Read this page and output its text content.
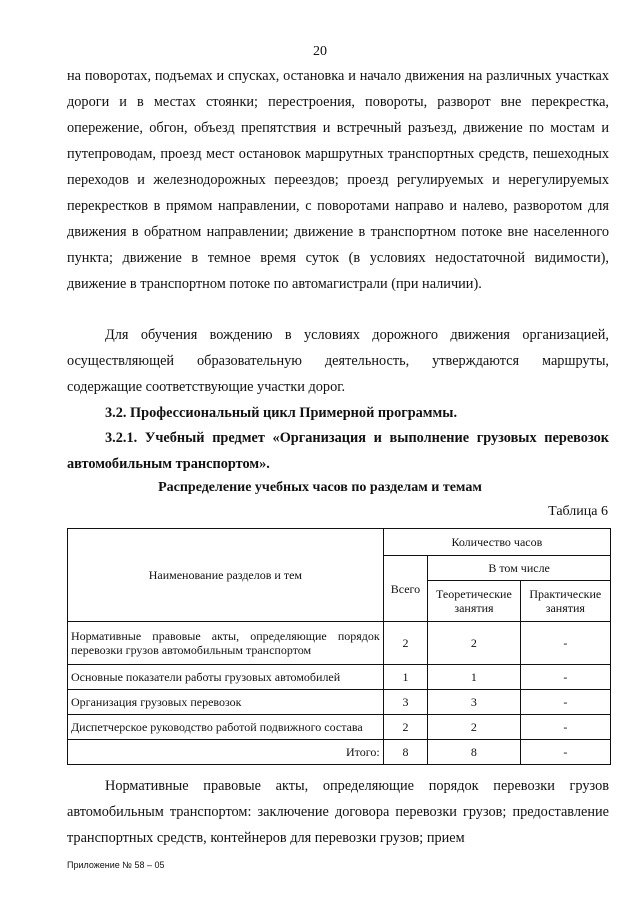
20

на поворотах, подъемах и спусках, остановка и начало движения на различных участках дороги и в местах стоянки; перестроения, повороты, разворот вне перекрестка, опережение, обгон, объезд препятствия и встречный разъезд, движение по мостам и путепроводам, проезд мест остановок маршрутных транспортных средств, пешеходных переходов и железнодорожных переездов; проезд регулируемых и нерегулируемых перекрестков в прямом направлении, с поворотами направо и налево, разворотом для движения в обратном направлении; движение в транспортном потоке вне населенного пункта; движение в темное время суток (в условиях недостаточной видимости), движение в транспортном потоке по автомагистрали (при наличии).

Для обучения вождению в условиях дорожного движения организацией, осуществляющей образовательную деятельность, утверждаются маршруты, содержащие соответствующие участки дорог.

3.2. Профессиональный цикл Примерной программы.
3.2.1. Учебный предмет «Организация и выполнение грузовых перевозок автомобильным транспортом».
Распределение учебных часов по разделам и темам
Таблица 6
Наименование разделов и тем	Количество часов		
	Всего	В том числе	
		Теоретические занятия	Практические занятия
Нормативные правовые акты, определяющие порядок перевозки грузов автомобильным транспортом	2	2	-
Основные показатели работы грузовых автомобилей	1	1	-
Организация грузовых перевозок	3	3	-
Диспетчерское руководство работой подвижного состава	2	2	-
Итого:	8	8	-

Нормативные правовые акты, определяющие порядок перевозки грузов автомобильным транспортом: заключение договора перевозки грузов; предоставление транспортных средств, контейнеров для перевозки грузов; прием

Приложение № 58 – 05
